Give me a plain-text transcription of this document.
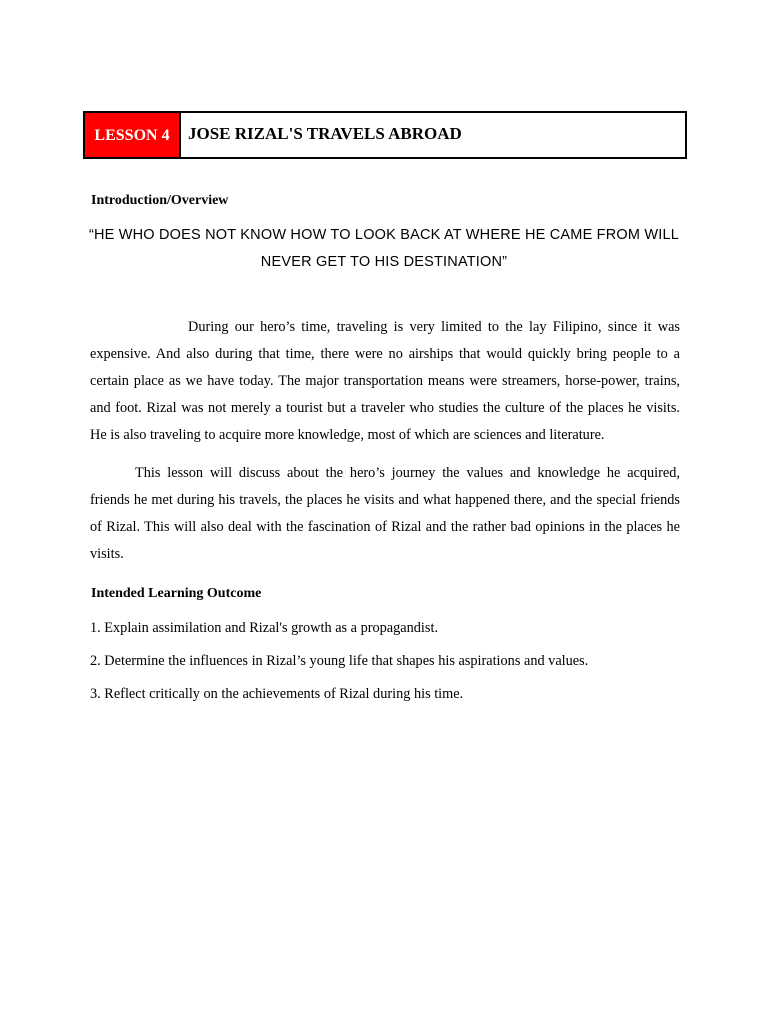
LESSON 4	JOSE RIZAL'S TRAVELS ABROAD
Introduction/Overview
“HE WHO DOES NOT KNOW HOW TO LOOK BACK AT WHERE HE CAME FROM WILL NEVER GET TO HIS DESTINATION”

During our hero’s time, traveling is very limited to the lay Filipino, since it was expensive. And also during that time, there were no airships that would quickly bring people to a certain place as we have today. The major transportation means were streamers, horse-power, trains, and foot. Rizal was not merely a tourist but a traveler who studies the culture of the places he visits. He is also traveling to acquire more knowledge, most of which are sciences and literature.

This lesson will discuss about the hero’s journey the values and knowledge he acquired, friends he met during his travels, the places he visits and what happened there, and the special friends of Rizal. This will also deal with the fascination of Rizal and the rather bad opinions in the places he visits.

Intended Learning Outcome

1. Explain assimilation and Rizal's growth as a propagandist.

2. Determine the influences in Rizal’s young life that shapes his aspirations and values.

3. Reflect critically on the achievements of Rizal during his time.
